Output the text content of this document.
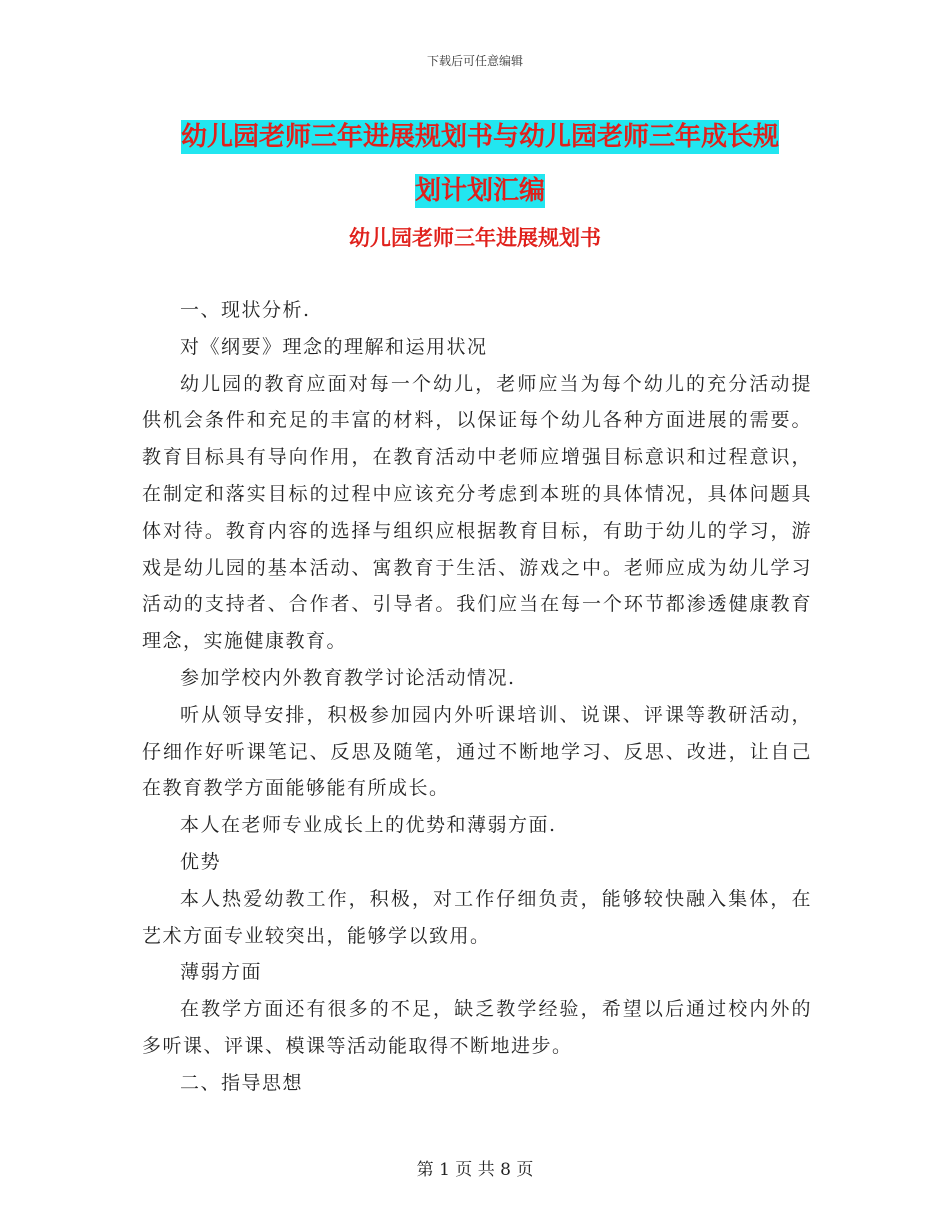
下载后可任意编辑
幼儿园老师三年进展规划书与幼儿园老师三年成长规
划计划汇编
幼儿园老师三年进展规划书

一、现状分析.

对《纲要》理念的理解和运用状况

幼儿园的教育应面对每一个幼儿，老师应当为每个幼儿的充分活动提供机会条件和充足的丰富的材料，以保证每个幼儿各种方面进展的需要。教育目标具有导向作用，在教育活动中老师应增强目标意识和过程意识，在制定和落实目标的过程中应该充分考虑到本班的具体情况，具体问题具体对待。教育内容的选择与组织应根据教育目标，有助于幼儿的学习，游戏是幼儿园的基本活动、寓教育于生活、游戏之中。老师应成为幼儿学习活动的支持者、合作者、引导者。我们应当在每一个环节都渗透健康教育理念，实施健康教育。

参加学校内外教育教学讨论活动情况.

听从领导安排，积极参加园内外听课培训、说课、评课等教研活动，仔细作好听课笔记、反思及随笔，通过不断地学习、反思、改进，让自己在教育教学方面能够能有所成长。

本人在老师专业成长上的优势和薄弱方面.

优势

本人热爱幼教工作，积极，对工作仔细负责，能够较快融入集体，在艺术方面专业较突出，能够学以致用。

薄弱方面

在教学方面还有很多的不足，缺乏教学经验，希望以后通过校内外的多听课、评课、模课等活动能取得不断地进步。

二、指导思想

第 1 页 共 8 页
